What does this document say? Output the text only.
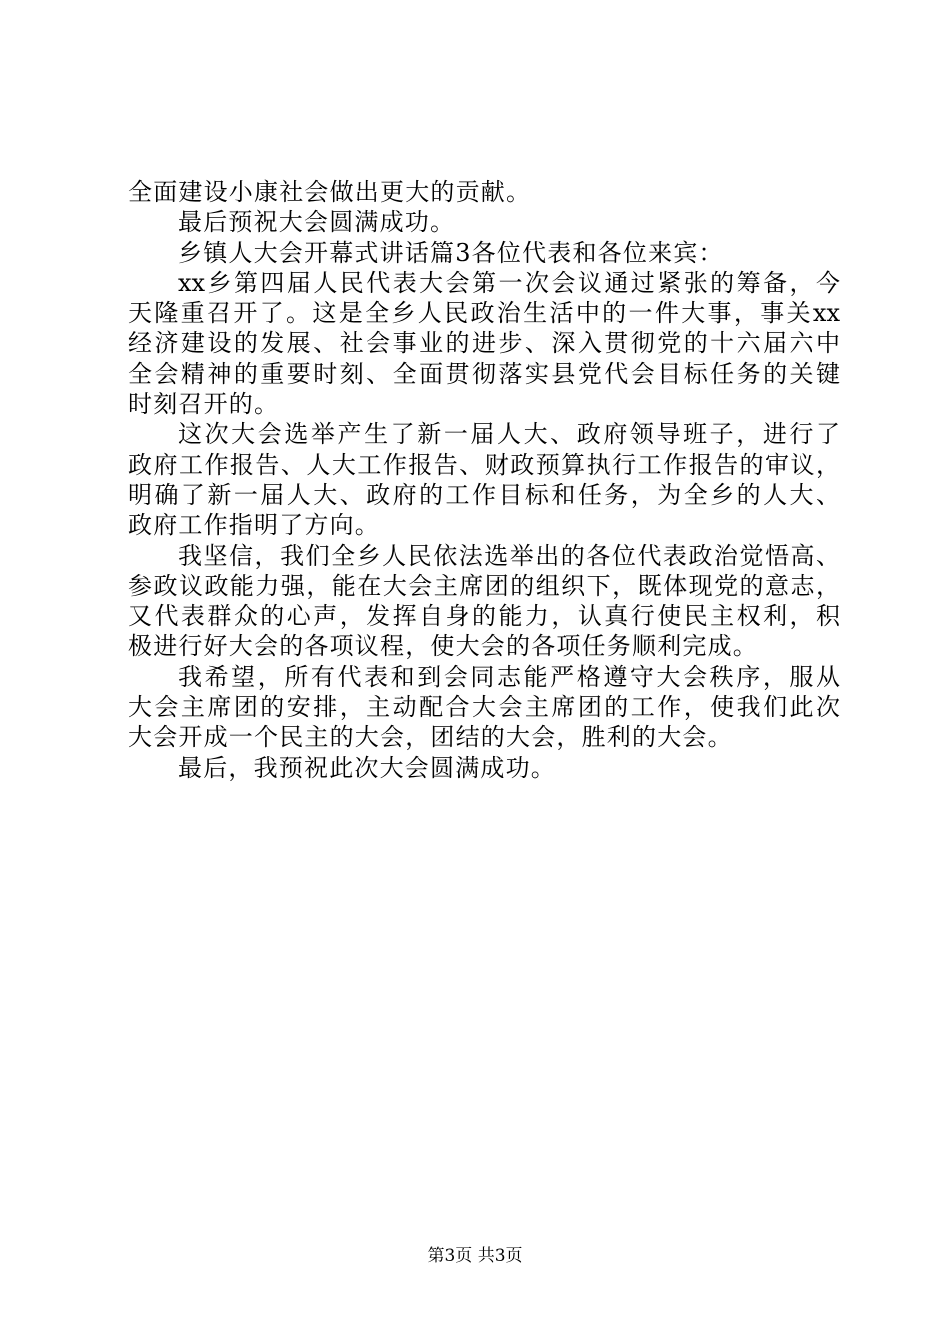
全面建设小康社会做出更大的贡献。
最后预祝大会圆满成功。
乡镇人大会开幕式讲话篇3各位代表和各位来宾：
xx乡第四届人民代表大会第一次会议通过紧张的筹备，今
天隆重召开了。这是全乡人民政治生活中的一件大事，事关xx
经济建设的发展、社会事业的进步、深入贯彻党的十六届六中
全会精神的重要时刻、全面贯彻落实县党代会目标任务的关键
时刻召开的。
这次大会选举产生了新一届人大、政府领导班子，进行了
政府工作报告、人大工作报告、财政预算执行工作报告的审议，
明确了新一届人大、政府的工作目标和任务，为全乡的人大、
政府工作指明了方向。
我坚信，我们全乡人民依法选举出的各位代表政治觉悟高、
参政议政能力强，能在大会主席团的组织下，既体现党的意志，
又代表群众的心声，发挥自身的能力，认真行使民主权利，积
极进行好大会的各项议程，使大会的各项任务顺利完成。
我希望，所有代表和到会同志能严格遵守大会秩序，服从
大会主席团的安排，主动配合大会主席团的工作，使我们此次
大会开成一个民主的大会，团结的大会，胜利的大会。
最后，我预祝此次大会圆满成功。
第3页 共3页
